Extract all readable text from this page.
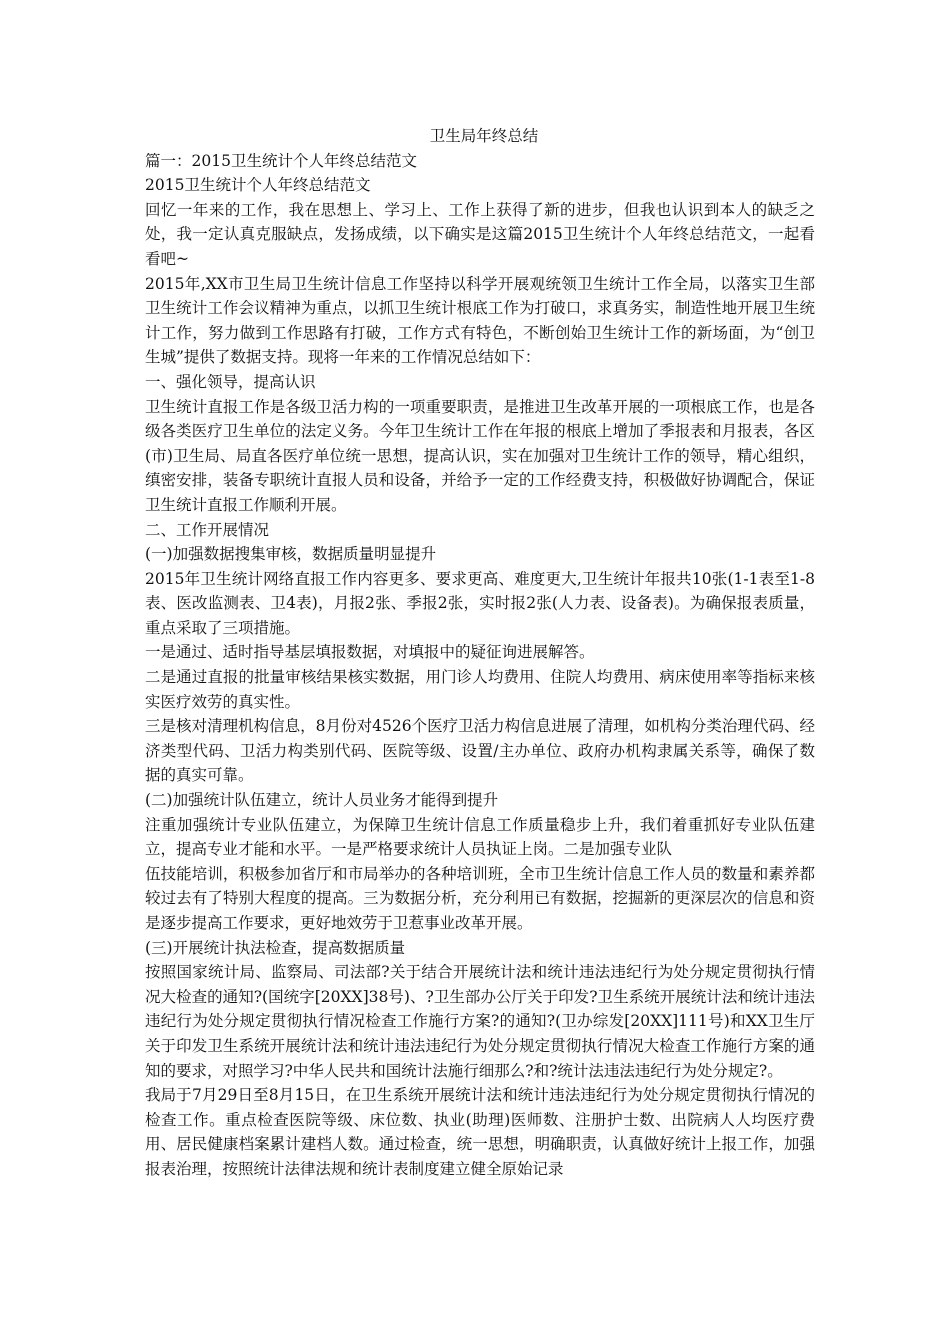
卫生局年终总结

篇一：2015卫生统计个人年终总结范文

2015卫生统计个人年终总结范文

回忆一年来的工作，我在思想上、学习上、工作上获得了新的进步，但我也认识到本人的缺乏之处，我一定认真克服缺点，发扬成绩，以下确实是这篇2015卫生统计个人年终总结范文，一起看看吧~

2015年,XX市卫生局卫生统计信息工作坚持以科学开展观统领卫生统计工作全局，以落实卫生部卫生统计工作会议精神为重点，以抓卫生统计根底工作为打破口，求真务实，制造性地开展卫生统计工作，努力做到工作思路有打破，工作方式有特色，不断创始卫生统计工作的新场面，为“创卫生城”提供了数据支持。现将一年来的工作情况总结如下：

一、强化领导，提高认识

卫生统计直报工作是各级卫活力构的一项重要职责，是推进卫生改革开展的一项根底工作，也是各级各类医疗卫生单位的法定义务。今年卫生统计工作在年报的根底上增加了季报表和月报表，各区(市)卫生局、局直各医疗单位统一思想，提高认识，实在加强对卫生统计工作的领导，精心组织，缜密安排，装备专职统计直报人员和设备，并给予一定的工作经费支持，积极做好协调配合，保证卫生统计直报工作顺利开展。

二、工作开展情况

(一)加强数据搜集审核，数据质量明显提升

2015年卫生统计网络直报工作内容更多、要求更高、难度更大,卫生统计年报共10张(1-1表至1-8表、医改监测表、卫4表)，月报2张、季报2张，实时报2张(人力表、设备表)。为确保报表质量，重点采取了三项措施。

一是通过、适时指导基层填报数据，对填报中的疑征询进展解答。

二是通过直报的批量审核结果核实数据，用门诊人均费用、住院人均费用、病床使用率等指标来核实医疗效劳的真实性。

三是核对清理机构信息，8月份对4526个医疗卫活力构信息进展了清理，如机构分类治理代码、经济类型代码、卫活力构类别代码、医院等级、设置/主办单位、政府办机构隶属关系等，确保了数据的真实可靠。

(二)加强统计队伍建立，统计人员业务才能得到提升

注重加强统计专业队伍建立，为保障卫生统计信息工作质量稳步上升，我们着重抓好专业队伍建立，提高专业才能和水平。一是严格要求统计人员执证上岗。二是加强专业队

伍技能培训，积极参加省厅和市局举办的各种培训班，全市卫生统计信息工作人员的数量和素养都较过去有了特别大程度的提高。三为数据分析，充分利用已有数据，挖掘新的更深层次的信息和资是逐步提高工作要求，更好地效劳于卫惹事业改革开展。

(三)开展统计执法检查，提高数据质量

按照国家统计局、监察局、司法部?关于结合开展统计法和统计违法违纪行为处分规定贯彻执行情况大检查的通知?(国统字[20XX]38号)、?卫生部办公厅关于印发?卫生系统开展统计法和统计违法违纪行为处分规定贯彻执行情况检查工作施行方案?的通知?(卫办综发[20XX]111号)和XX卫生厅关于印发卫生系统开展统计法和统计违法违纪行为处分规定贯彻执行情况大检查工作施行方案的通知的要求，对照学习?中华人民共和国统计法施行细那么?和?统计法违法违纪行为处分规定?。

我局于7月29日至8月15日，在卫生系统开展统计法和统计违法违纪行为处分规定贯彻执行情况的检查工作。重点检查医院等级、床位数、执业(助理)医师数、注册护士数、出院病人人均医疗费用、居民健康档案累计建档人数。通过检查，统一思想，明确职责，认真做好统计上报工作，加强报表治理，按照统计法律法规和统计表制度建立健全原始记录
